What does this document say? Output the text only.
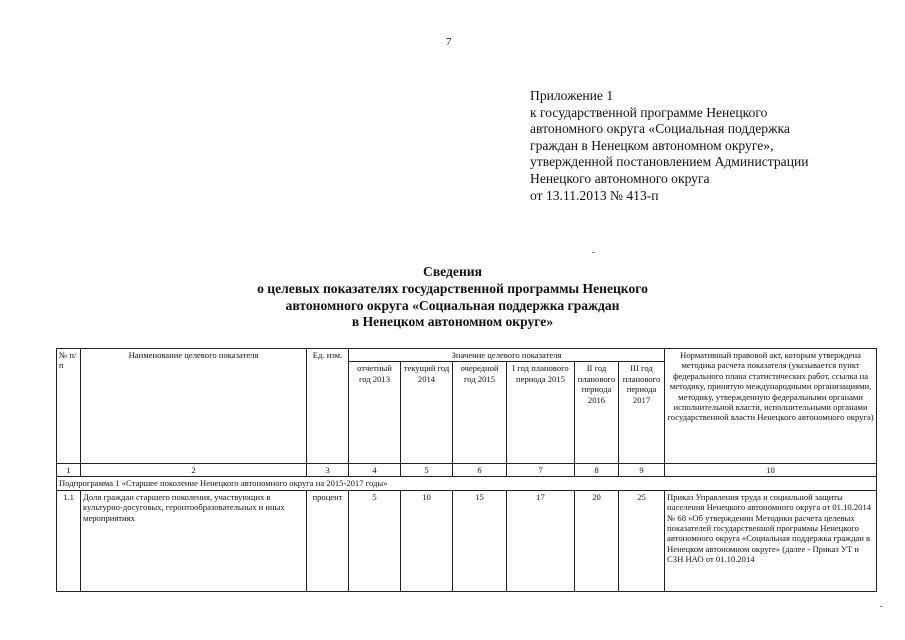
7
Приложение 1
к государственной программе Ненецкого
автономного округа «Социальная поддержка
граждан в Ненецком автономном округе»,
утвержденной постановлением Администрации
Ненецкого автономного округа
от 13.11.2013 № 413-п
Сведения
о целевых показателях государственной программы Ненецкого
автономного округа «Социальная поддержка граждан
в Ненецком автономном округе»
№ п/п	Наименование целевого показателя	Ед. изм.	Значение целевого показателя						Нормативный правовой акт, которым утверждена методика расчета показателя (указывается пункт федерального плана статистических работ, ссылка на методику, принятую международными организациями, методику, утвержденную федеральными органами исполнительной власти, исполнительными органами государственной власти Ненецкого автономного округа)
			отчетный год 2013	текущий год 2014	очередной год 2015	I год планового периода 2015	II год планового периода 2016	III год планового периода 2017	
1	2	3	4	5	6	7	8	9	10
Подпрограмма 1 «Старшее поколение Ненецкого автономного округа на 2015-2017 годы»									
1.1	Доля граждан старшего поколения, участвующих в культурно-досуговых, геронтообразовательных и иных мероприятиях	процент	5	10	15	17	20	25	Приказ Управления труда и социальной защиты населения Ненецкого автономного округа от 01.10.2014 № 68 «Об утверждении Методики расчета целевых показателей государственной программы Ненецкого автономного округа «Социальная поддержка граждан в Ненецком автономном округе» (далее - Приказ УТ и СЗН НАО от 01.10.2014
